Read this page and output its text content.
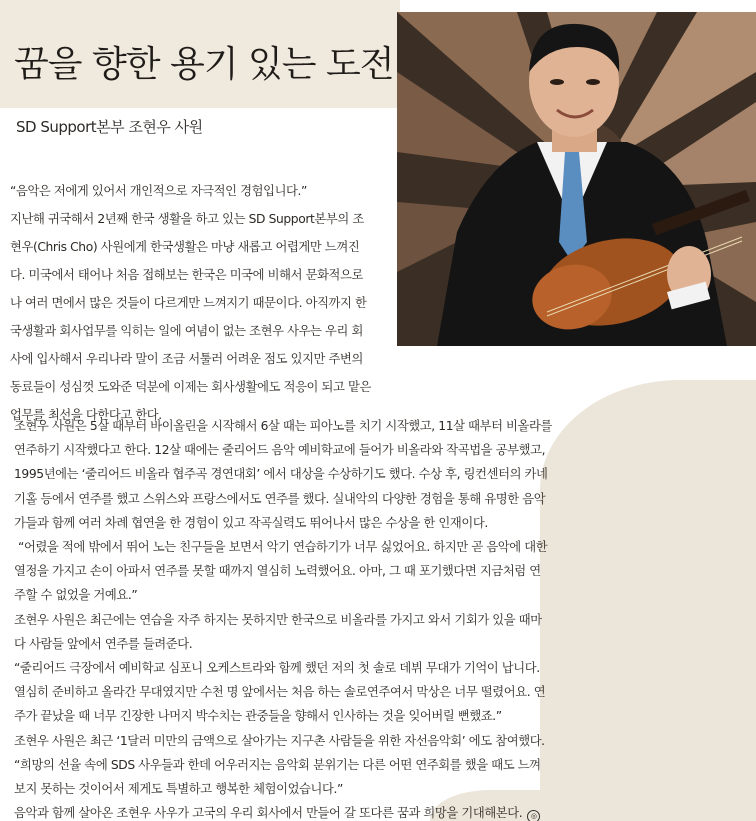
꿈을 향한 용기 있는 도전
SD Support본부 조현우 사원
“음악은 저에게 있어서 개인적으로 자극적인 경험입니다.”
지난해 귀국해서 2년째 한국 생활을 하고 있는 SD Support본부의 조
현우(Chris Cho) 사원에게 한국생활은 마냥 새롭고 어렵게만 느껴진
다. 미국에서 태어나 처음 접해보는 한국은 미국에 비해서 문화적으로
나 여러 면에서 많은 것들이 다르게만 느껴지기 때문이다. 아직까지 한
국생활과 회사업무를 익히는 일에 여념이 없는 조현우 사우는 우리 회
사에 입사해서 우리나라 말이 조금 서툴러 어려운 점도 있지만 주변의
동료들이 성심껏 도와준 덕분에 이제는 회사생활에도 적응이 되고 맡은
업무를 최선을 다한다고 한다.
조현우 사원은 5살 때부터 바이올린을 시작해서 6살 때는 피아노를 치기 시작했고, 11살 때부터 비올라를
연주하기 시작했다고 한다. 12살 때에는 줄리어드 음악 예비학교에 들어가 비올라와 작곡법을 공부했고,
1995년에는 ‘줄리어드 비올라 협주곡 경연대회’ 에서 대상을 수상하기도 했다. 수상 후, 링컨센터의 카네
기홀 등에서 연주를 했고 스위스와 프랑스에서도 연주를 했다. 실내악의 다양한 경험을 통해 유명한 음악
가들과 함께 여러 차례 협연을 한 경험이 있고 작곡실력도 뛰어나서 많은 수상을 한 인재이다.
“어렸을 적에 밖에서 뛰어 노는 친구들을 보면서 악기 연습하기가 너무 싫었어요. 하지만 곧 음악에 대한
열정을 가지고 손이 아파서 연주를 못할 때까지 열심히 노력했어요. 아마, 그 때 포기했다면 지금처럼 연
주할 수 없었을 거예요.”
조현우 사원은 최근에는 연습을 자주 하지는 못하지만 한국으로 비올라를 가지고 와서 기회가 있을 때마
다 사람들 앞에서 연주를 들려준다.
“줄리어드 극장에서 예비학교 심포니 오케스트라와 함께 했던 저의 첫 솔로 데뷔 무대가 기억이 납니다.
열심히 준비하고 올라간 무대였지만 수천 명 앞에서는 처음 하는 솔로연주여서 막상은 너무 떨렸어요. 연
주가 끝났을 때 너무 긴장한 나머지 박수치는 관중들을 향해서 인사하는 것을 잊어버릴 뻔했죠.”
조현우 사원은 최근 ‘1달러 미만의 금액으로 살아가는 지구촌 사람들을 위한 자선음악회’ 에도 참여했다.
“희망의 선율 속에 SDS 사우들과 한데 어우러지는 음악회 분위기는 다른 어떤 연주회를 했을 때도 느껴
보지 못하는 것이어서 제게도 특별하고 행복한 체험이었습니다.”
음악과 함께 살아온 조현우 사우가 고국의 우리 회사에서 만들어 갈 또다른 꿈과 희망을 기대해본다. ◎
